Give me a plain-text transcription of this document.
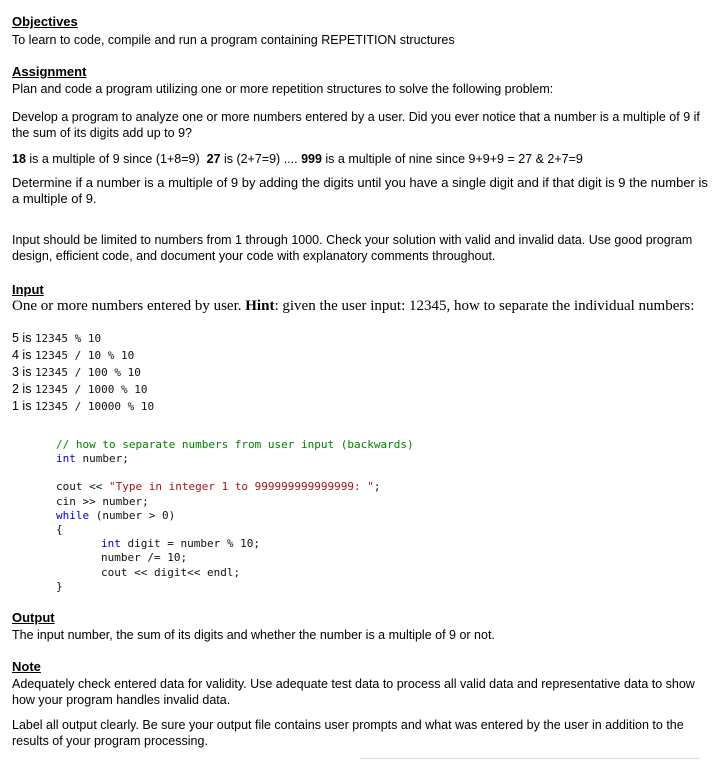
Objectives
To learn to code, compile and run a program containing REPETITION structures
Assignment
Plan and code a program utilizing one or more repetition structures to solve the following problem:
Develop a program to analyze one or more numbers entered by a user. Did you ever notice that a number is a multiple of 9 if the sum of its digits add up to 9?
18 is a multiple of 9 since (1+8=9) 27 is (2+7=9) .... 999 is a multiple of nine since 9+9+9 = 27 & 2+7=9
Determine if a number is a multiple of 9 by adding the digits until you have a single digit and if that digit is 9 the number is a multiple of 9.
Input should be limited to numbers from 1 through 1000. Check your solution with valid and invalid data. Use good program design, efficient code, and document your code with explanatory comments throughout.
Input
One or more numbers entered by user. Hint: given the user input: 12345, how to separate the individual numbers:
5 is 12345 % 10
4 is 12345 / 10 % 10
3 is 12345 / 100 % 10
2 is 12345 / 1000 % 10
1 is 12345 / 10000 % 10
// how to separate numbers from user input (backwards)
int number;
cout << "Type in integer 1 to 999999999999999: ";
cin >> number;
while (number > 0)
{
int digit = number % 10;
number /= 10;
cout << digit<< endl;
}
Output
The input number, the sum of its digits and whether the number is a multiple of 9 or not.
Note
Adequately check entered data for validity. Use adequate test data to process all valid data and representative data to show how your program handles invalid data.
Label all output clearly. Be sure your output file contains user prompts and what was entered by the user in addition to the results of your program processing.
